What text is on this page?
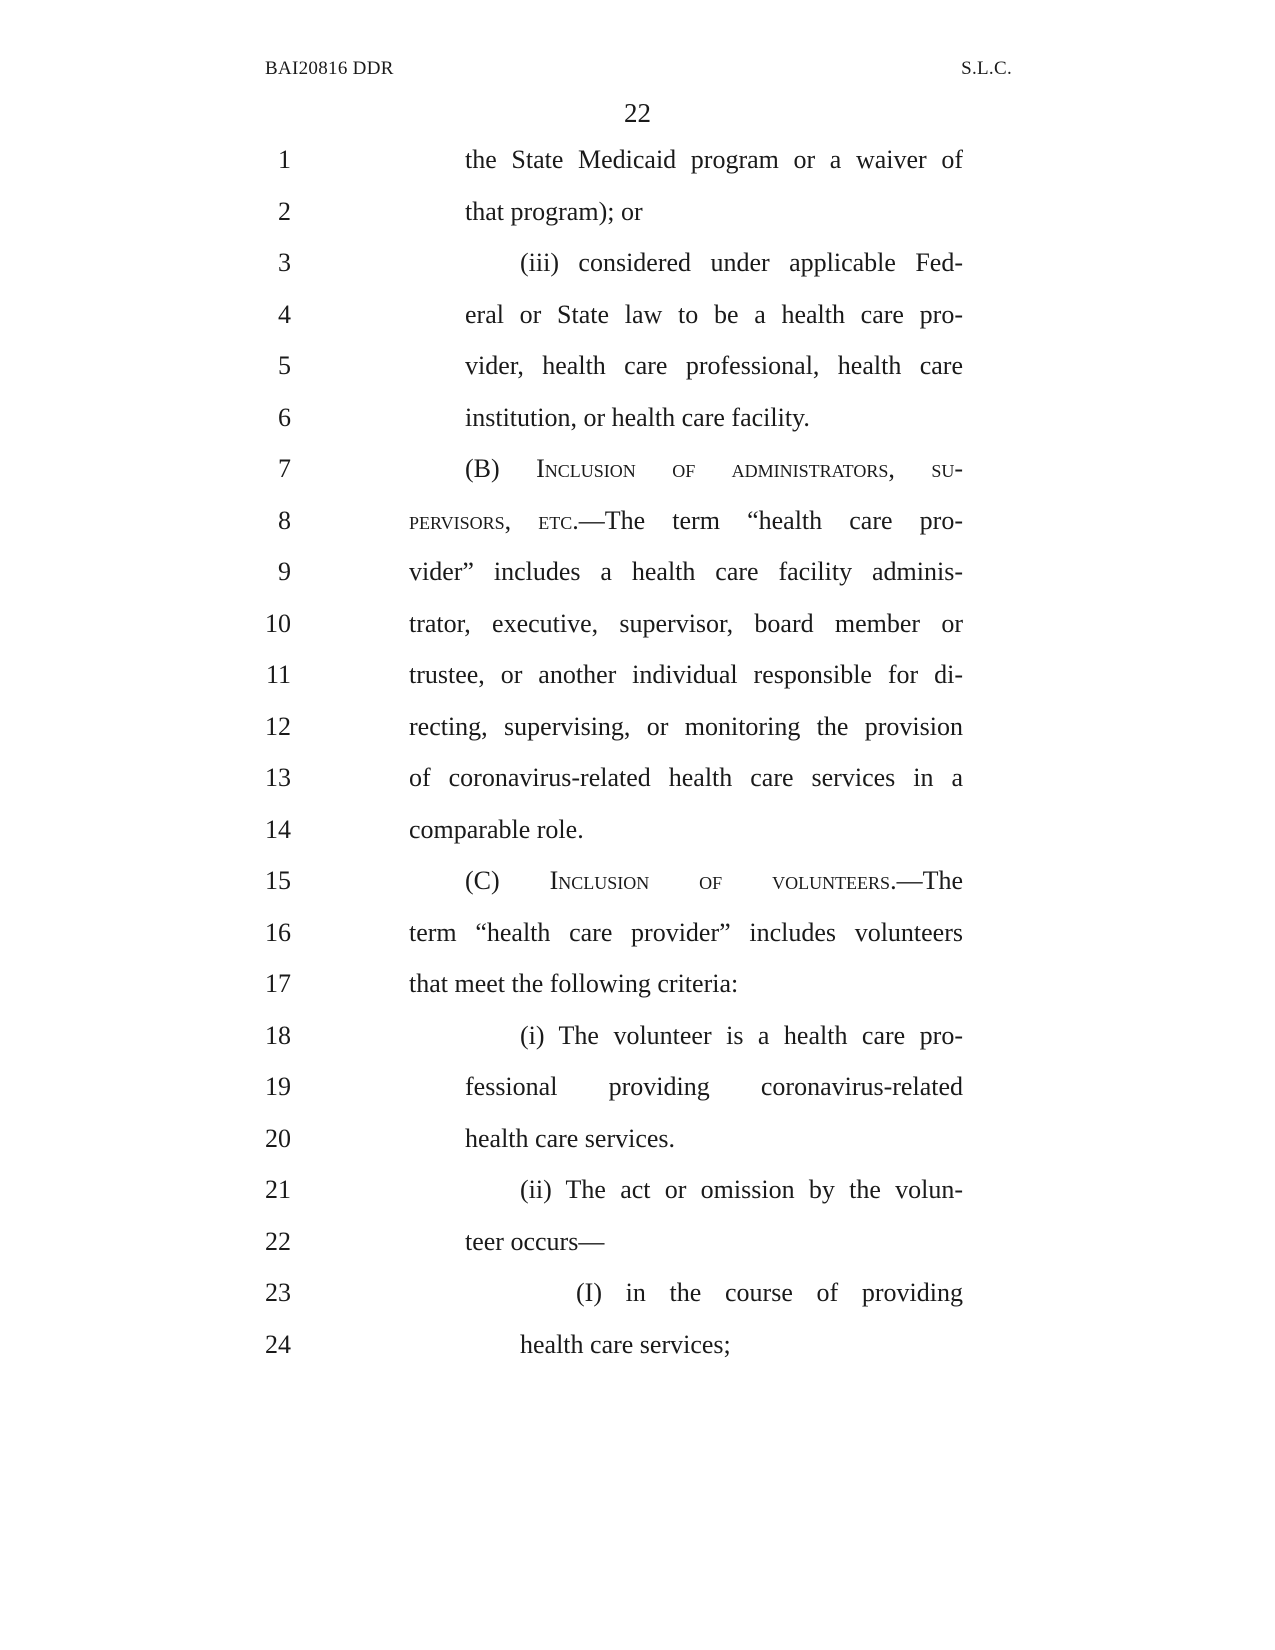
BAI20816 DDR	S.L.C.
22
1	the State Medicaid program or a waiver of
2	that program); or
3	(iii) considered under applicable Fed-
4	eral or State law to be a health care pro-
5	vider, health care professional, health care
6	institution, or health care facility.
7	(B) Inclusion of administrators, su-
8	pervisors, etc.—The term “health care pro-
9	vider” includes a health care facility adminis-
10	trator, executive, supervisor, board member or
11	trustee, or another individual responsible for di-
12	recting, supervising, or monitoring the provision
13	of coronavirus-related health care services in a
14	comparable role.
15	(C) Inclusion of volunteers.—The
16	term “health care provider” includes volunteers
17	that meet the following criteria:
18	(i) The volunteer is a health care pro-
19	fessional providing coronavirus-related
20	health care services.
21	(ii) The act or omission by the volun-
22	teer occurs—
23	(I) in the course of providing
24	health care services;
